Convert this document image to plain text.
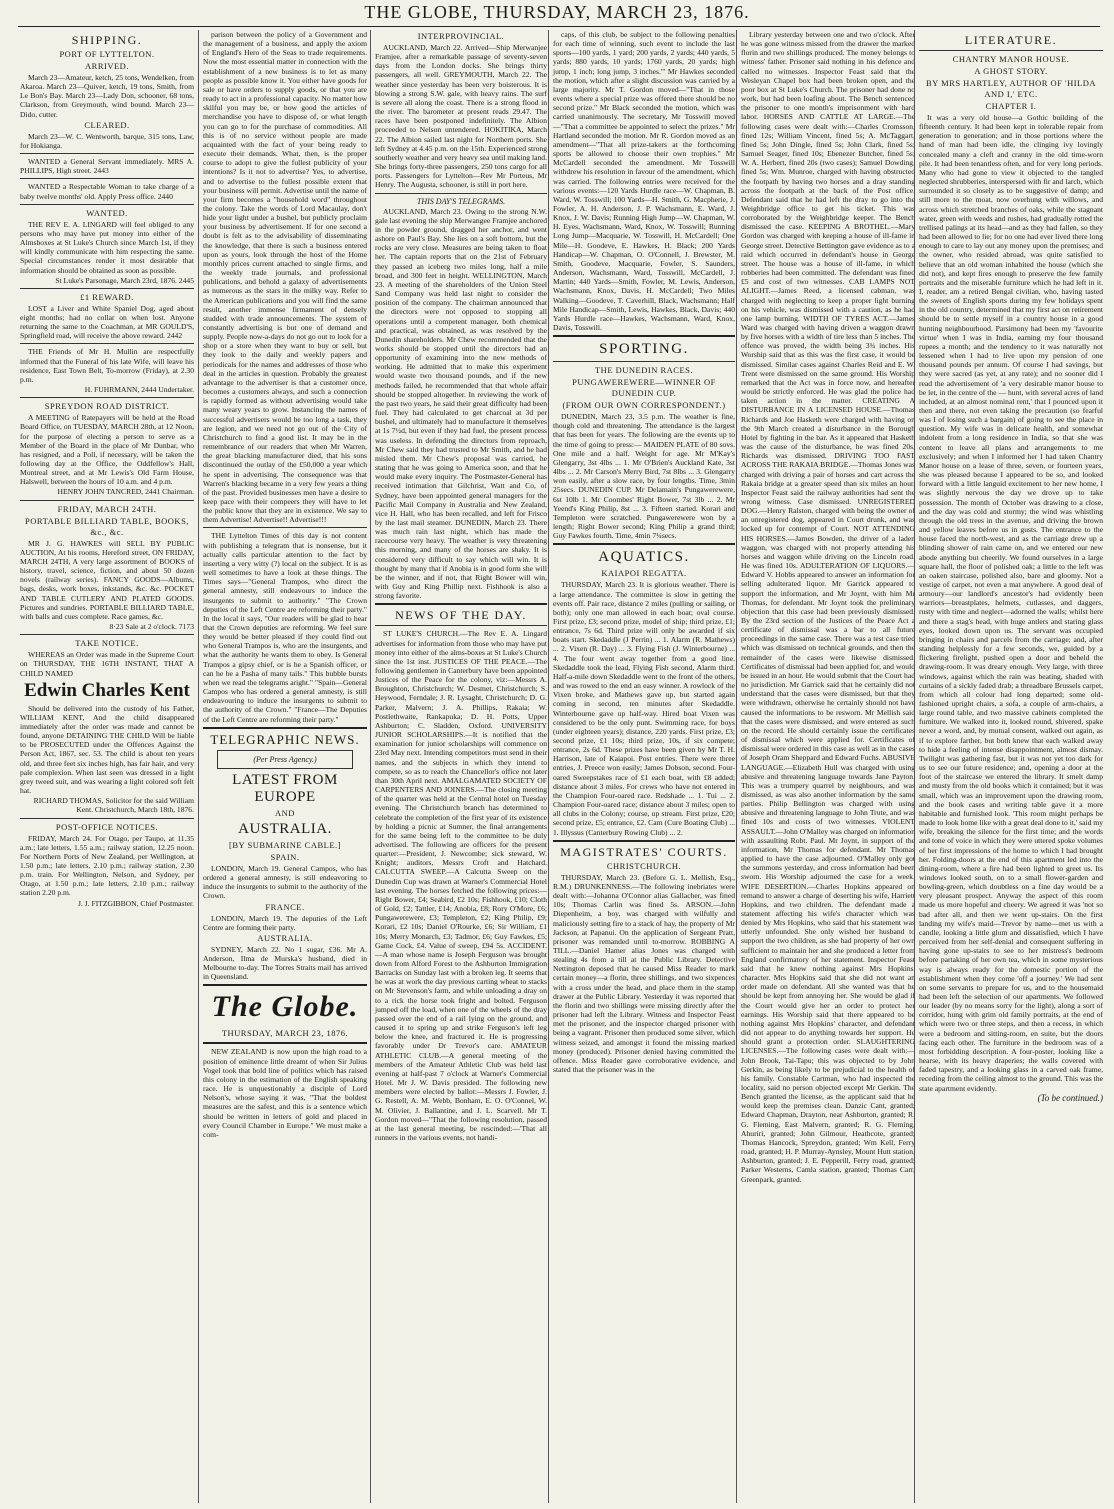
THE GLOBE, THURSDAY, MARCH 23, 1876.
SHIPPING.
PORT OF LYTTELTON.
ARRIVED.

March 23—Amateur, ketch, 25 tons, Wendelken, from Akaroa. March 23—Quiver, ketch, 19 tons, Smith, from Le Bon's Bay. March 23—Lady Don, schooner, 68 tons, Clarkson, from Greymouth, wind bound. March 23—Dido, cutter.

CLEARED.

March 23—W. C. Wentworth, barque, 315 tons, Law, for Hokianga.

WANTED a General Servant immediately. MRS A. PHILLIPS, High street. 2443

WANTED a Respectable Woman to take charge of a baby twelve months' old. Apply Press office. 2440

WANTED.

THE REV E. A. LINGARD will feel obliged to any persons who may have put money into either of the Almsboxes at St Luke's Church since March 1st, if they will kindly communicate with him respecting the same. Special circumstances render it most desirable that information should be obtained as soon as possible.

St Luke's Parsonage, March 23rd, 1876. 2445

£1 REWARD.

LOST a Liver and White Spaniel Dog, aged about eight months; had no collar on when lost. Anyone returning the same to the Coachman, at MR GOULD'S, Springfield road, will receive the above reward. 2442

THE Friends of Mr H. Mullin are respectfully informed that the Funeral of his late Wife, will leave his residence, East Town Belt, To-morrow (Friday), at 2.30 p.m.

H. FUHRMANN, 2444 Undertaker.

SPREYDON ROAD DISTRICT.

A MEETING of Ratepayers will be held at the Road Board Office, on TUESDAY, MARCH 28th, at 12 Noon, for the purpose of electing a person to serve as a Member of the Board in the place of Mr Dunbar, who has resigned, and a Poll, if necessary, will be taken the following day at the Office, the Oddfellow's Hall, Montreal street, and at Mr Lewis's Old Farm House, Halswell, between the hours of 10 a.m. and 4 p.m.

HENRY JOHN TANCRED, 2441 Chairman.

FRIDAY, MARCH 24TH.
PORTABLE BILLIARD TABLE, BOOKS, &c., &c.

MR J. G. HAWKES will SELL BY PUBLIC AUCTION, At his rooms, Hereford street, ON FRIDAY, MARCH 24TH, A very large assortment of BOOKS of history, travel, science, fiction, and about 50 dozen novels (railway series). FANCY GOODS—Albums, bags, desks, work boxes, inkstands, &c. &c. POCKET AND TABLE CUTLERY AND PLATED GOODS. Pictures and sundries. PORTABLE BILLIARD TABLE, with balls and cues complete. Race games, &c.

8·23 Sale at 2 o'clock. 7173

TAKE NOTICE.

WHEREAS an Order was made in the Supreme Court on THURSDAY, THE 16TH INSTANT, THAT A CHILD NAMED

Edwin Charles Kent

Should be delivered into the custody of his Father, WILLIAM KENT, And the child disappeared immediately after the order was made and cannot be found, anyone DETAINING THE CHILD Will be liable to be PROSECUTED under the Offences Against the Person Act, 1867, sec. 53. The child is about ten years old, and three feet six inches high, has fair hair, and very pale complexion. When last seen was dressed in a light grey tweed suit, and was wearing a light colored soft felt hat.

RICHARD THOMAS, Solicitor for the said William Kent. Christchurch, March 18th, 1876.

POST-OFFICE NOTICES.

FRIDAY, March 24. For Otago, per Taupo, at 11.35 a.m.; late letters, 1.55 a.m.; railway station, 12.25 noon. For Northern Ports of New Zealand, per Wellington, at 1.50 p.m.; late letters, 2.10 p.m.; railway station, 2.30 p.m. train. For Wellington, Nelson, and Sydney, per Otago, at 1.50 p.m.; late letters, 2.10 p.m.; railway station 2.20 p.m.

J. J. FITZGIBBON, Chief Postmaster.

parison between the policy of a Government and the management of a business, and apply the axiom of England's Hero of the Seas to trade requirements. Now the most essential matter in connection with the establishment of a new business is to let as many people as possible know it. You either have goods for sale or have orders to supply goods, or that you are ready to act in a professional capacity. No matter how skilful you may be, or how good the articles of merchandise you have to dispose of, or what length you can go to for the purchase of commodities. All this is of no service without people are made acquainted with the fact of your being ready to execute their demands. What, then, is the proper course to adopt to give the fullest publicity of your intentions? Is it not to advertise? Yes, to advertise, and to advertise to the fullest possible extent that your business will permit. Advertise until the name of your firm becomes a "household word" throughout the colony. Take the words of Lord Macaulay, don't hide your light under a bushel, but publicly proclaim your business by advertisement. If for one second a doubt is felt as to the advisability of disseminating the knowledge, that there is such a business entered upon as yours, look through the host of the Home monthly prices current attached to single firms, and the weekly trade journals, and professional publications, and behold a galaxy of advertisements as numerous as the stars in the milky way. Refer to the American publications and you will find the same result, another immense firmament of densely studded with trade announcements. The system of constantly advertising is but one of demand and supply. People now-a-days do not go out to look for a shop or a store when they want to buy or sell, but they look to the daily and weekly papers and periodicals for the names and addresses of those who deal in the articles in question. Probably the greatest advantage to the advertiser is that a customer once, becomes a customers always, and such a connection is rapidly formed as without advertising would take many weary years to grow. Instancing the names of successful advertisers would be too long a task, they are legion, and we need not go out of the City of Christchurch to find a good list. It may be in the remembrance of our readers that when Mr Warren, the great blacking manufacturer died, that his sons discontinued the outlay of the £50,000 a year which he spent in advertising. The consequence was that Warren's blacking became in a very few years a thing of the past. Provided businesses men have a desire to keep pace with their compeers they will have to let the public know that they are in existence. We say to them Advertise! Advertise!! Advertise!!!

THE Lyttelton Times of this day is not content with publishing a telegram that is nonsense, but it actually calls particular attention to the fact by inserting a very witty (?) local on the subject. It is as well sometimes to have a look at these things. The Times says—"General Trampos, who direct the general amnesty, still endeavours to induce the insurgents to submit to authority." "The Crown deputies of the Left Centre are reforming their party." In the local it says, "Our readers will be glad to hear that the Crown deputies are reforming. We feel sure they would be better pleased if they could find out who General Trampos is, who are the insurgents, and what the authority he wants them to obey. Is General Trampos a gipsy chief, or is he a Spanish officer, or can he be a Pasha of many tails." This bubble bursts when we read the telegrams aright." "Spain—General Campos who has ordered a general amnesty, is still endeavouring to induce the insurgents to submit to the authority of the Crown." "France—The Deputies of the Left Centre are reforming their party."

TELEGRAPHIC NEWS.
(Per Press Agency.)
LATEST FROM EUROPE
AND
AUSTRALIA.
[BY SUBMARINE CABLE.]
SPAIN.

LONDON, March 19. General Campos, who has ordered a general amnesty, is still endeavoring to induce the insurgents to submit to the authority of the Crown.

FRANCE.

LONDON, March 19. The deputies of the Left Centre are forming their party.

AUSTRALIA.

SYDNEY, March 22. No 1 sugar, £36. Mr A. Anderson, Ilma de Murska's husband, died in Melbourne to-day. The Torres Straits mail has arrived in Queensland.

The Globe.
THURSDAY, MARCH 23, 1876.

NEW ZEALAND is now upon the high road to a position of eminence little dreamt of when Sir Julius Vogel took that bold line of politics which has raised this colony in the estimation of the English speaking race. He is unquestionably a disciple of Lord Nelson's, whose saying it was, "That the boldest measures are the safest, and this is a sentence which should be written in letters of gold and placed in every Council Chamber in Europe." We must make a com-

INTERPROVINCIAL.

AUCKLAND, March 22. Arrived—Ship Merwanjee Framjee, after a remarkable passage of seventy-seven days from the London docks. She brings thirty passengers, all well. GREYMOUTH, March 22. The weather since yesterday has been very boisterous. It is blowing a strong S.W. gale, with heavy rains. The surf is severe all along the coast. There is a strong flood in the river. The barometer at present reads 29.47. The races have been postponed indefinitely. The Albion proceeded to Nelson untendered. HOKITIKA, March 22. The Albion sailed last night for Northern ports. She left Sydney at 4.45 p.m. on the 15th. Experienced strong southerly weather and very heavy sea until making land. She brings forty-three passengers, 250 tons cargo for all ports. Passengers for Lyttelton—Rev Mr Porteus, Mr Henry. The Augusta, schooner, is still in port here.

THIS DAY'S TELEGRAMS.

AUCKLAND, March 23. Owing to the strong N.W. gale last evening the ship Merwangee Framjee anchored in the powder ground, dragged her anchor, and went ashore on Paul's Bay. She lies on a soft bottom, but the rocks are very close. Measures are being taken to float her. The captain reports that on the 21st of February they passed an iceberg two miles long, half a mile broad, and 300 feet in height. WELLINGTON, March 23. A meeting of the shareholders of the Union Steel Sand Company was held last night to consider the position of the company. The chairman announced that the directors were not opposed to stopping all operations until a competent manager, both chemical and practical, was obtained, as was resolved by the Dunedin shareholders. Mr Chew recommended that the works should be stopped until the directors had an opportunity of examining into the new methods of working. He admitted that to make this experiment would waste two thousand pounds, and if the new methods failed, he recommended that that whole affair should be stopped altogether. In reviewing the work of the past two years, he said their great difficulty had been fuel. They had calculated to get charcoal at 3d per bushel, and ultimately had to manufacture it themselves at 1s 7½d, but even if they had fuel, the present process was useless. In defending the directors from reproach, Mr Chew said they had trusted to Mr Smith, and he had misled them. Mr Chew's proposal was carried, he stating that he was going to America soon, and that he would make every inquiry. The Postmaster-General has received intimation that Gilchrist, Watt and Co, of Sydney, have been appointed general managers for the Pacific Mail Company in Australia and New Zealand, vice H. Hall, who has been recalled, and left for Frisco by the last mail steamer. DUNEDIN, March 23. There was much rain last night, which has made the racecourse very heavy. The weather is very threatening this morning, and many of the horses are shaky. It is considered very difficult to say which will win. It is thought by many that if Anobia is in good form she will be the winner, and if not, that Right Bower will win, with Guy and King Phillip next. Fishhook is also a strong favorite.

NEWS OF THE DAY.

ST LUKE'S CHURCH.—The Rev E. A. Lingard advertises for information from those who may have put money into either of the alms-boxes at St Luke's Church since the 1st inst. JUSTICES OF THE PEACE.—The following gentlemen in Canterbury have been appointed Justices of the Peace for the colony, viz:—Messrs A. Broughton, Christchurch; W. Desmet, Christchurch; S. Heywood, Ferndale; J. R. Lysaght, Christchurch; D. G. Parker, Malvern; J. A. Phillips, Rakaia; W. Postlethwaite, Rankapuka; D. H. Potts, Upper Ashburton; C. Sladden, Oxford. UNIVERSITY JUNIOR SCHOLARSHIPS.—It is notified that the examination for junior scholarships will commence on 23rd May next. Intending competitors must send in their names, and the subjects in which they intend to compete, so as to reach the Chancellor's office not later than 30th April next. AMALGAMATED SOCIETY OF CARPENTERS AND JOINERS.—The closing meeting of the quarter was held at the Central hotel on Tuesday evening. The Christchurch branch has determined to celebrate the completion of the first year of its existence by holding a picnic at Sumner, the final arrangements for the same being left to the committee to be duly advertised. The following are officers for the present quarter:—President, J. Newcombe; sick steward, W. Knight; auditors, Messrs Croft and Hatchard. CALCUTTA SWEEP.—A Calcutta Sweep on the Dunedin Cup was drawn at Warner's Commercial Hotel last evening. The horses fetched the following prices:—Right Bower, £4; Seabird, £2 10s; Fishhook, £10; Cloth of Gold, £2; Tattler, £14; Anobia, £8; Rory O'More, £6; Pungawerewere, £3; Templeton, £2; King Philip, £9; Korari, £2 10s; Daniel O'Rourke, £6; Sir William, £1 10s; Merry Monarch, £3; Tadmor, £6; Guy Fawkes, £5; Game Cock, £4. Value of sweep, £94 5s. ACCIDENT.—A man whose name is Joseph Ferguson was brought down from Alford Forest to the Ashburton Immigration Barracks on Sunday last with a broken leg. It seems that he was at work the day previous carting wheat to stacks on Mr Stevenson's farm, and while unloading a dray on to a rick the horse took fright and bolted. Ferguson jumped off the load, when one of the wheels of the dray passed over the end of a rail lying on the ground, and caused it to spring up and strike Ferguson's left leg below the knee, and fractured it. He is progressing favorably under Dr Trevor's care. AMATEUR ATHLETIC CLUB.—A general meeting of the members of the Amateur Athletic Club was held last evening at half-past 7 o'clock at Warner's Commercial Hotel. Mr J. W. Davis presided. The following new members were elected by ballot:—Messrs J. Fowler, J. G. Restell, A. M. Webb, Bonham, E. O. O'Connel, W. M. Olivier, J. Ballantine, and J. L. Scarvell. Mr T. Gordon moved—"That the following resolution, passed at the last general meeting, be rescinded:—'That all runners in the various events, not handi-

caps, of this club, be subject to the following penalties for each time of winning, such event to include the last sports—100 yards, 1 yard; 200 yards, 2 yards; 440 yards, 5 yards; 880 yards, 10 yards; 1760 yards, 20 yards; high jump, 1 inch; long jump, 3 inches.'" Mr Hawkes seconded the motion, which after a slight discussion was carried by a large majority. Mr T. Gordon moved—"That in those events where a special prize was offered there should be no second prize." Mr Black seconded the motion, which was carried unanimously. The secretary, Mr Tosswill moved—"That a committee be appointed to select the prizes." Mr Hartland seconded the motion. Mr R. Gordon moved as an amendment—"That all prize-takers at the forthcoming sports be allowed to choose their own trophies." Mr McCardell seconded the amendment. Mr Tosswill withdrew his resolution in favour of the amendment, which was carried. The following entries were received for the various events:—120 Yards Hurdle race—W. Chapman, B. Ward, W. Tosswill; 100 Yards—H. Smith, G. Macpherie, J. Fowler, A. H. Anderson, J. P. Wachsmann, E. Ward, J. Knox, J. W. Davis; Running High Jump—W. Chapman, W. H. Eyes, Wachsmann, Ward, Knox, W. Tosswill; Running Long Jump—Macquarie, W. Tosswill, H. McCardell; One Mile—H. Goodeve, E. Hawkes, H. Black; 200 Yards Handicap—W. Chapman, O. O'Connell, J. Brewster, M. Smith, Goodeve, Macquarie, Fowler, S. Saunders, Anderson, Wachsmann, Ward, Tosswill, McCardell, J. Martin; 440 Yards—Smith, Fowler, M. Lewis, Anderson, Wachsmann, Knox, Davis, H. McCardell; Two Miles Walking—Goodeve, T. Caverhill, Black, Wachsmann; Half Mile Handicap—Smith, Lewis, Hawkes, Black, Davis; 440 Yards Hurdle race—Hawkes, Wachsmann, Ward, Knox, Davis, Tosswill.

SPORTING.
THE DUNEDIN RACES.
PUNGAWEREWERE—WINNER OF DUNEDIN CUP.
(FROM OUR OWN CORRESPONDENT.)

DUNEDIN, March 23, 3.5 p.m. The weather is fine, though cold and threatening. The attendance is the largest that has been for years. The following are the events up to the time of going to press:— MAIDEN PLATE of 80 sovs. One mile and a half. Weight for age. Mr M'Kay's Glengarry, 3st 4lbs ... 1. Mr O'Brien's Auckland Kate, 3st 4lbs ... 2. Mr Carson's Merry Bird, 7st 8lbs ... 3. Glengarry won easily, after a slow race, by four lengths. Time, 3min 25secs. DUNEDIN CUP. Mr Delamain's Pungawerewere, 6st 10lb 1. Mr Coombes' Right Bower, 7st 3lb ... 2. Mr Yeend's King Philip, 8st ... 3. Fifteen started. Korari and Templeton were scratched. Pungawerewere won by a length; Right Bower second; King Philip a grand third; Guy Fawkes fourth. Time, 4min 7¼secs.

AQUATICS.
KAIAPOI REGATTA.

THURSDAY, March 23. It is glorious weather. There is a large attendance. The committee is slow in getting the events off. Pair race, distance 2 miles (pulling or sailing, or both); only one man allowed in each boat; oval course. First prize, £3; second prize, model of ship; third prize, £1; entrance, 7s 6d. Third prize will only be awarded if six boats start. Skedaddle (J Perrin) ... 1. Alarm (R. Mathews) ... 2. Vixen (R. Day) ... 3. Flying Fish (J. Winterbourne) ... 4. The four went away together from a good line. Skedaddle took the lead, Flying Fish second, Alarm third. Half-a-mile down Skedaddle went to the front of the others, and was rowed to the end an easy winner. A rowlock of the Vixen broke, and Mathews gave up, but started again coming in second, ten minutes after Skedaddle. Winterbourne gave up half-way. Hired boat Vixen was considered to be the only punt. Swimming race, for boys (under eighteen years); distance, 220 yards. First prize, £3; second prize, £1 10s; third prize, 10s, if six compete; entrance, 2s 6d. These prizes have been given by Mr T. H. Harrison, late of Kaiapoi. Post entries. There were three entries, J. Preece won easily; James Dobson, second. Four-oared Sweepstakes race of £1 each boat, with £8 added; distance about 3 miles. For crews who have not entered in the Champion Four-oared race. Redshade ... 1. Tui ... 2. Champion Four-oared race; distance about 3 miles; open to all clubs in the Colony; course, up stream. First prize, £20; second prize, £5; entrance, £2. Cam (Cure Boating Club) ... 1. Illyssus (Canterbury Rowing Club) ... 2.

MAGISTRATES' COURTS.
CHRISTCHURCH.

THURSDAY, March 23. (Before G. L. Mellish, Esq., R.M.) DRUNKENNESS.—The following inebriates were dealt with:—Johanna O'Connor alias Gallacher, was fined 10s; Thomas Carlin was fined 5s. ARSON.—John Diepenheim, a boy, was charged with wilfully and maliciously setting fire to a stack of hay, the property of Mr Jackson, at Papanui. On the application of Sergeant Pratt, prisoner was remanded until to-morrow. ROBBING A TILL.—Daniel Hamer alias Jones was charged with stealing 4s from a till at the Public Library. Detective Nettington deposed that he caused Miss Reader to mark certain money—a florin, three shillings, and two sixpences with a cross under the head, and place them in the stamp drawer at the Public Library. Yesterday it was reported that the florin and two shillings were missing directly after the prisoner had left the Library. Witness and Inspector Feast met the prisoner, and the inspector charged prisoner with being a vagrant. Prisoner then produced some silver, which witness seized, and amongst it found the missing marked money (produced). Prisoner denied having committed the offence. Miss Reader gave corroborative evidence, and stated that the prisoner was in the

Library yesterday between one and two o'clock. After he was gone witness missed from the drawer the marked florin and two shillings produced. The money belongs to witness' father. Prisoner said nothing in his defence and called no witnesses. Inspector Feast said that the Wesleyan Chapel box had been broken open, and the poor box at St Luke's Church. The prisoner had done no work, but had been loafing about. The Bench sentenced the prisoner to one month's imprisonment with hard labor. HORSES AND CATTLE AT LARGE.—The following cases were dealt with:—Charles Cromsson, fined 12s; William Vincent, fined 5s; A. McTaggart, fined 5s; John Dingle, fined 5s; John Clark, fined 5s; Samuel Seager, fined 10s; Ebenezer Butcher, fined 5s; W. A. Herbert, fined 20s (two cases); Samuel Dowding, fined 5s; Wm. Munroe, charged with having obstructed the footpath by having two horses and a dray standing across the footpath at the back of the Post office. Defendant said that he had left the dray to go into the Weighbridge office to get his ticket. This was corroborated by the Weighbridge keeper. The Bench dismissed the case. KEEPING A BROTHEL.—Mary Gordon was charged with keeping a house of ill-fame in George street. Detective Bettington gave evidence as to a raid which occurred in defendant's house in George street. The house was a house of ill-fame, in which robberies had been committed. The defendant was fined £5 and cost of two witnesses. CAB LAMPS NOT ALIGHT.—James Reed, a licensed cabman, was charged with neglecting to keep a proper light burning on his vehicle, was dismissed with a caution, as he had one lamp burning. WIDTH OF TYRES ACT.—James Ward was charged with having driven a waggon drawn by five horses with a width of tire less than 5 inches. The offence was proved, the width being 3¾ inches. His Worship said that as this was the first case, it would be dismissed. Similar cases against Charles Reid and E. W. Trent were dismissed on the same ground. His Worship remarked that the Act was in force now, and hereafter would be strictly enforced. He was glad the police had taken action in the matter. CREATING A DISTURBANCE IN A LICENSED HOUSE.—Thomas Richards and Joe Hasketh were charged with having on the 9th March created a disturbance in the Borough Hotel by fighting in the bar. As it appeared that Hasketh was the cause of the disturbance, he was fined 20s, Richards was dismissed. DRIVING TOO FAST ACROSS THE RAKAIA BRIDGE.—Thomas Jones was charged with driving a pair of horses and cart across the Rakaia bridge at a greater speed than six miles an hour. Inspector Feast said the railway authorities had sent the wrong witness. Case dismissed. UNREGISTERED DOG.—Henry Ralston, charged with being the owner of an unregistered dog, appeared in Court drunk, and was locked up for contempt of Court. NOT ATTENDING HIS HORSES.—James Bowden, the driver of a laden waggon, was charged with not properly attending his horses and waggon while driving on the Lincoln road. He was fined 10s. ADULTERATION OF LIQUORS.—Edward V. Hobbs appeared to answer an information for selling adulterated liquor. Mr Garrick appeared to support the information, and Mr Joynt, with him Mr Thomas, for defendant. Mr Joynt took the preliminary objection that this case had been previously dismissed. By the 23rd section of the Justices of the Peace Act a certificate of dismissal was a bar to all future proceedings in the same case. There was a test case tried which was dismissed on technical grounds, and then the remainder of the cases were likewise dismissed. Certificates of dismissal had been applied for, and would be issued in an hour. He would submit that the Court had no jurisdiction. Mr Garrick said that he certainly did not understand that the cases were dismissed, but that they were withdrawn, otherwise he certainly should not have caused the informations to be resworn. Mr Mellish said that the cases were dismissed, and were entered as such on the record. He should certainly issue the certificates of dismissal which were applied for. Certificates of dismissal were ordered in this case as well as in the cases of Joseph Oram Sheppard and Edward Fuchs. ABUSIVE LANGUAGE.—Elizabeth Hull was charged with using abusive and threatening language towards Jane Payton. This was a trumpery quarrel by neighbours, and was dismissed, as was also another information by the same parties. Philip Bellington was charged with using abusive and threatening language to John Trute, and was fined 10s and costs of two witnesses. VIOLENT ASSAULT.—John O'Malley was charged on information with assaulting Robt. Paul. Mr Joynt, in support of the information, Mr Thomas for defendant. Mr Thomas applied to have the case adjourned. O'Malley only got the summons yesterday, and cross information had been sworn. His Worship adjourned the case for a week. WIFE DESERTION.—Charles Hopkins appeared on remand to answer a charge of deserting his wife, Harriett Hopkins, and two children. The defendant made a statement affecting his wife's character which was denied by Mrs Hopkins, who said that his statement was utterly unfounded. She only wished her husband to support the two children, as she had property of her own sufficient to maintain her and she produced a letter from England confirmatory of her statement. Inspector Feast said that he knew nothing against Mrs Hopkins' character. Mrs Hopkins said that she did not want an order made on defendant. All she wanted was that he should be kept from annoying her. She would be glad if the Court would give her an order to protect her earnings. His Worship said that there appeared to be nothing against Mrs Hopkins' character, and defendant did not appear to do anything towards her support. He should grant a protection order. SLAUGHTERING LICENSES.—The following cases were dealt with:—John Brook, Tai-Tapu; this was objected to by John Gerkin, as being likely to be prejudicial to the health of his family. Constable Cartman, who had inspected the locality, said no person objected except Mr Gerkin. The Bench granted the license, as the applicant said that he would keep the premises clean. Danzic Cant, granted; Edward Chapman, Drayton, near Ashburton, granted; R. G. Fleming, East Malvern, granted; R. G. Fleming, Ahuriri, granted; John Gilmour, Heathcote, granted; Thomas Hancock, Spreydon, granted; Wm Kell, Ferry road, granted; H. P. Murray-Aynsley, Mount Hutt station, Ashburton, granted; J. E. Pepperill, Ferry road, granted; Parker Westerns, Camla station, granted; Thomas Carr, Greenpark, granted.

LITERATURE.
CHANTRY MANOR HOUSE.
A GHOST STORY.
BY MRS HARTLEY, AUTHOR OF 'HILDA AND I,' ETC.
CHAPTER I.

It was a very old house—a Gothic building of the fifteenth century. It had been kept in tolerable repair from generation to generation; and in those portions where the hand of man had been idle, the clinging ivy lovingly concealed many a cleft and cranny in the old time-worn pile. It had been tenantless often, and for very long periods. Many who had gone to view it objected to the tangled neglected shrubberies, interspersed with fir and larch, which surrounded it so closely as to be suggestive of damp; and still more to the moat, now overhung with willows, and across which stretched branches of oaks, while the stagnant water, green with weeds and rushes, had gradually rotted the trellised palings at its head—and as they had fallen, so they had been allowed to lie; for no one had ever lived there long enough to care to lay out any money upon the premises; and the owner, who resided abroad, was quite satisfied to believe that an old woman inhabited the house (which she did not), and kept fires enough to preserve the few family portraits and the miserable furniture which he had left in it. I, reader, am a retired Bengal civilian, who, having tasted the sweets of English sports during my few holidays spent in the old country, determined that my first act on retirement should be to settle myself in a country house in a good hunting neighbourhood. Parsimony had been my 'favourite virtue' when I was in India, earning my four thousand rupees a month; and the tendency to it was naturally not lessened when I had to live upon my pension of one thousand pounds per annum. Of course I had savings, but they were sacred (as yet, at any rate); and no sooner did I read the advertisement of 'a very desirable manor house to be let, in the centre of the — hunt, with several acres of land included, at an almost nominal rent,' that I pounced upon it then and there, not even taking the precaution (so fearful was I of losing such a bargain) of going to see the place in question. My wife was in delicate health, and somewhat indolent from a long residence in India, so that she was content to leave all plans and arrangements to me exclusively; and when I informed her I had taken Chantry Manor house on a lease of three, seven, or fourteen years, she was pleased because I appeared to be so, and looked forward with a little languid excitement to her new home, I was slightly nervous the day we drove up to take possession. The month of October was drawing to a close, and the day was cold and stormy; the wind was whistling through the old trees in the avenue, and driving the brown and yellow leaves before us in gusts. The entrance to the house faced the north-west, and as the carriage drew up a blinding shower of rain came on, and we entered our new abode anything but cheerily. We found ourselves in a large square hall, the floor of polished oak; a little to the left was an oaken staircase, polished also, bare and gloomy. Not a vestige of carpet, not even a mat anywhere. A good deal of armoury—our landlord's ancestor's had evidently been warriors—breastplates, helmets, cutlasses, and daggers, rusty with time and neglect—adorned the walls; whilst here and there a stag's head, with huge antlers and staring glass eyes, looked down upon us. The servant was occupied bringing in chairs and parcels from the carriage; and, after standing helplessly for a few seconds, we, guided by a flickering firelight, pushed open a door and beheld the drawing-room. It was dreary enough. Very large, with three windows, against which the rain was beating, shaded with curtains of a sickly faded drab; a threadbare Brussels carpet, from which all colour had long departed; some old-fashioned upright chairs, a sofa, a couple of arm-chairs, a large round table, and two massive cabinets completed the furniture. We walked into it, looked round, shivered, spake never a word, and, by mutual consent, walked out again, as if to explore farther, but both knew that each walked away to hide a feeling of intense disappointment, almost dismay. Twilight was gathering fast, but it was not yet too dark for us to see our future residence; and, opening a door at the foot of the staircase we entered the library. It smelt damp and musty from the old books which it contained; but it was small, which was an improvement upon the drawing room, and the book cases and writing table gave it a more habitable and furnished look. 'This room might perhaps be made to look home like with a great deal done to it,' said my wife, breaking the silence for the first time; and the words and tone of voice in which they were uttered spoke volumes of her first impressions of the home to which I had brought her. Folding-doors at the end of this apartment led into the dining-room, where a fire had been lighted to greet us. Its windows looked south, on to a small flower-garden and bowling-green, which doubtless on a fine day would be a very pleasant prospect. Anyway the aspect of this room made us more hopeful and cheery. We agreed it was 'not so bad after all, and then we went up-stairs. On the first landing my wife's maid—Trevor by name—met us with a candle, looking a little glum and dissatisfied, which I have perceived from her self-denial and consequent suffering in having gone up-stairs to see to her mistress's bedroom before partaking of her own tea, which in some mysterious way is always ready for the domestic portion of the establishment when they come 'off a journey.' We had sent on some servants to prepare for us, and to the housemaid had been left the selection of our apartments. We followed our leader (by no means sorry for the light), along a sort of corridor, hung with grim old family portraits, at the end of which were two or three steps, and then a recess, in which were a bedroom and sitting-room, en suite, but the doors facing each other. The furniture in the bedroom was of a most forbidding description. A four-poster, looking like a hearse, with its heavy draperies; the walls covered with faded tapestry, and a looking glass in a carved oak frame, receding from the ceiling almost to the ground. This was the state apartment evidently.

(To be continued.)
